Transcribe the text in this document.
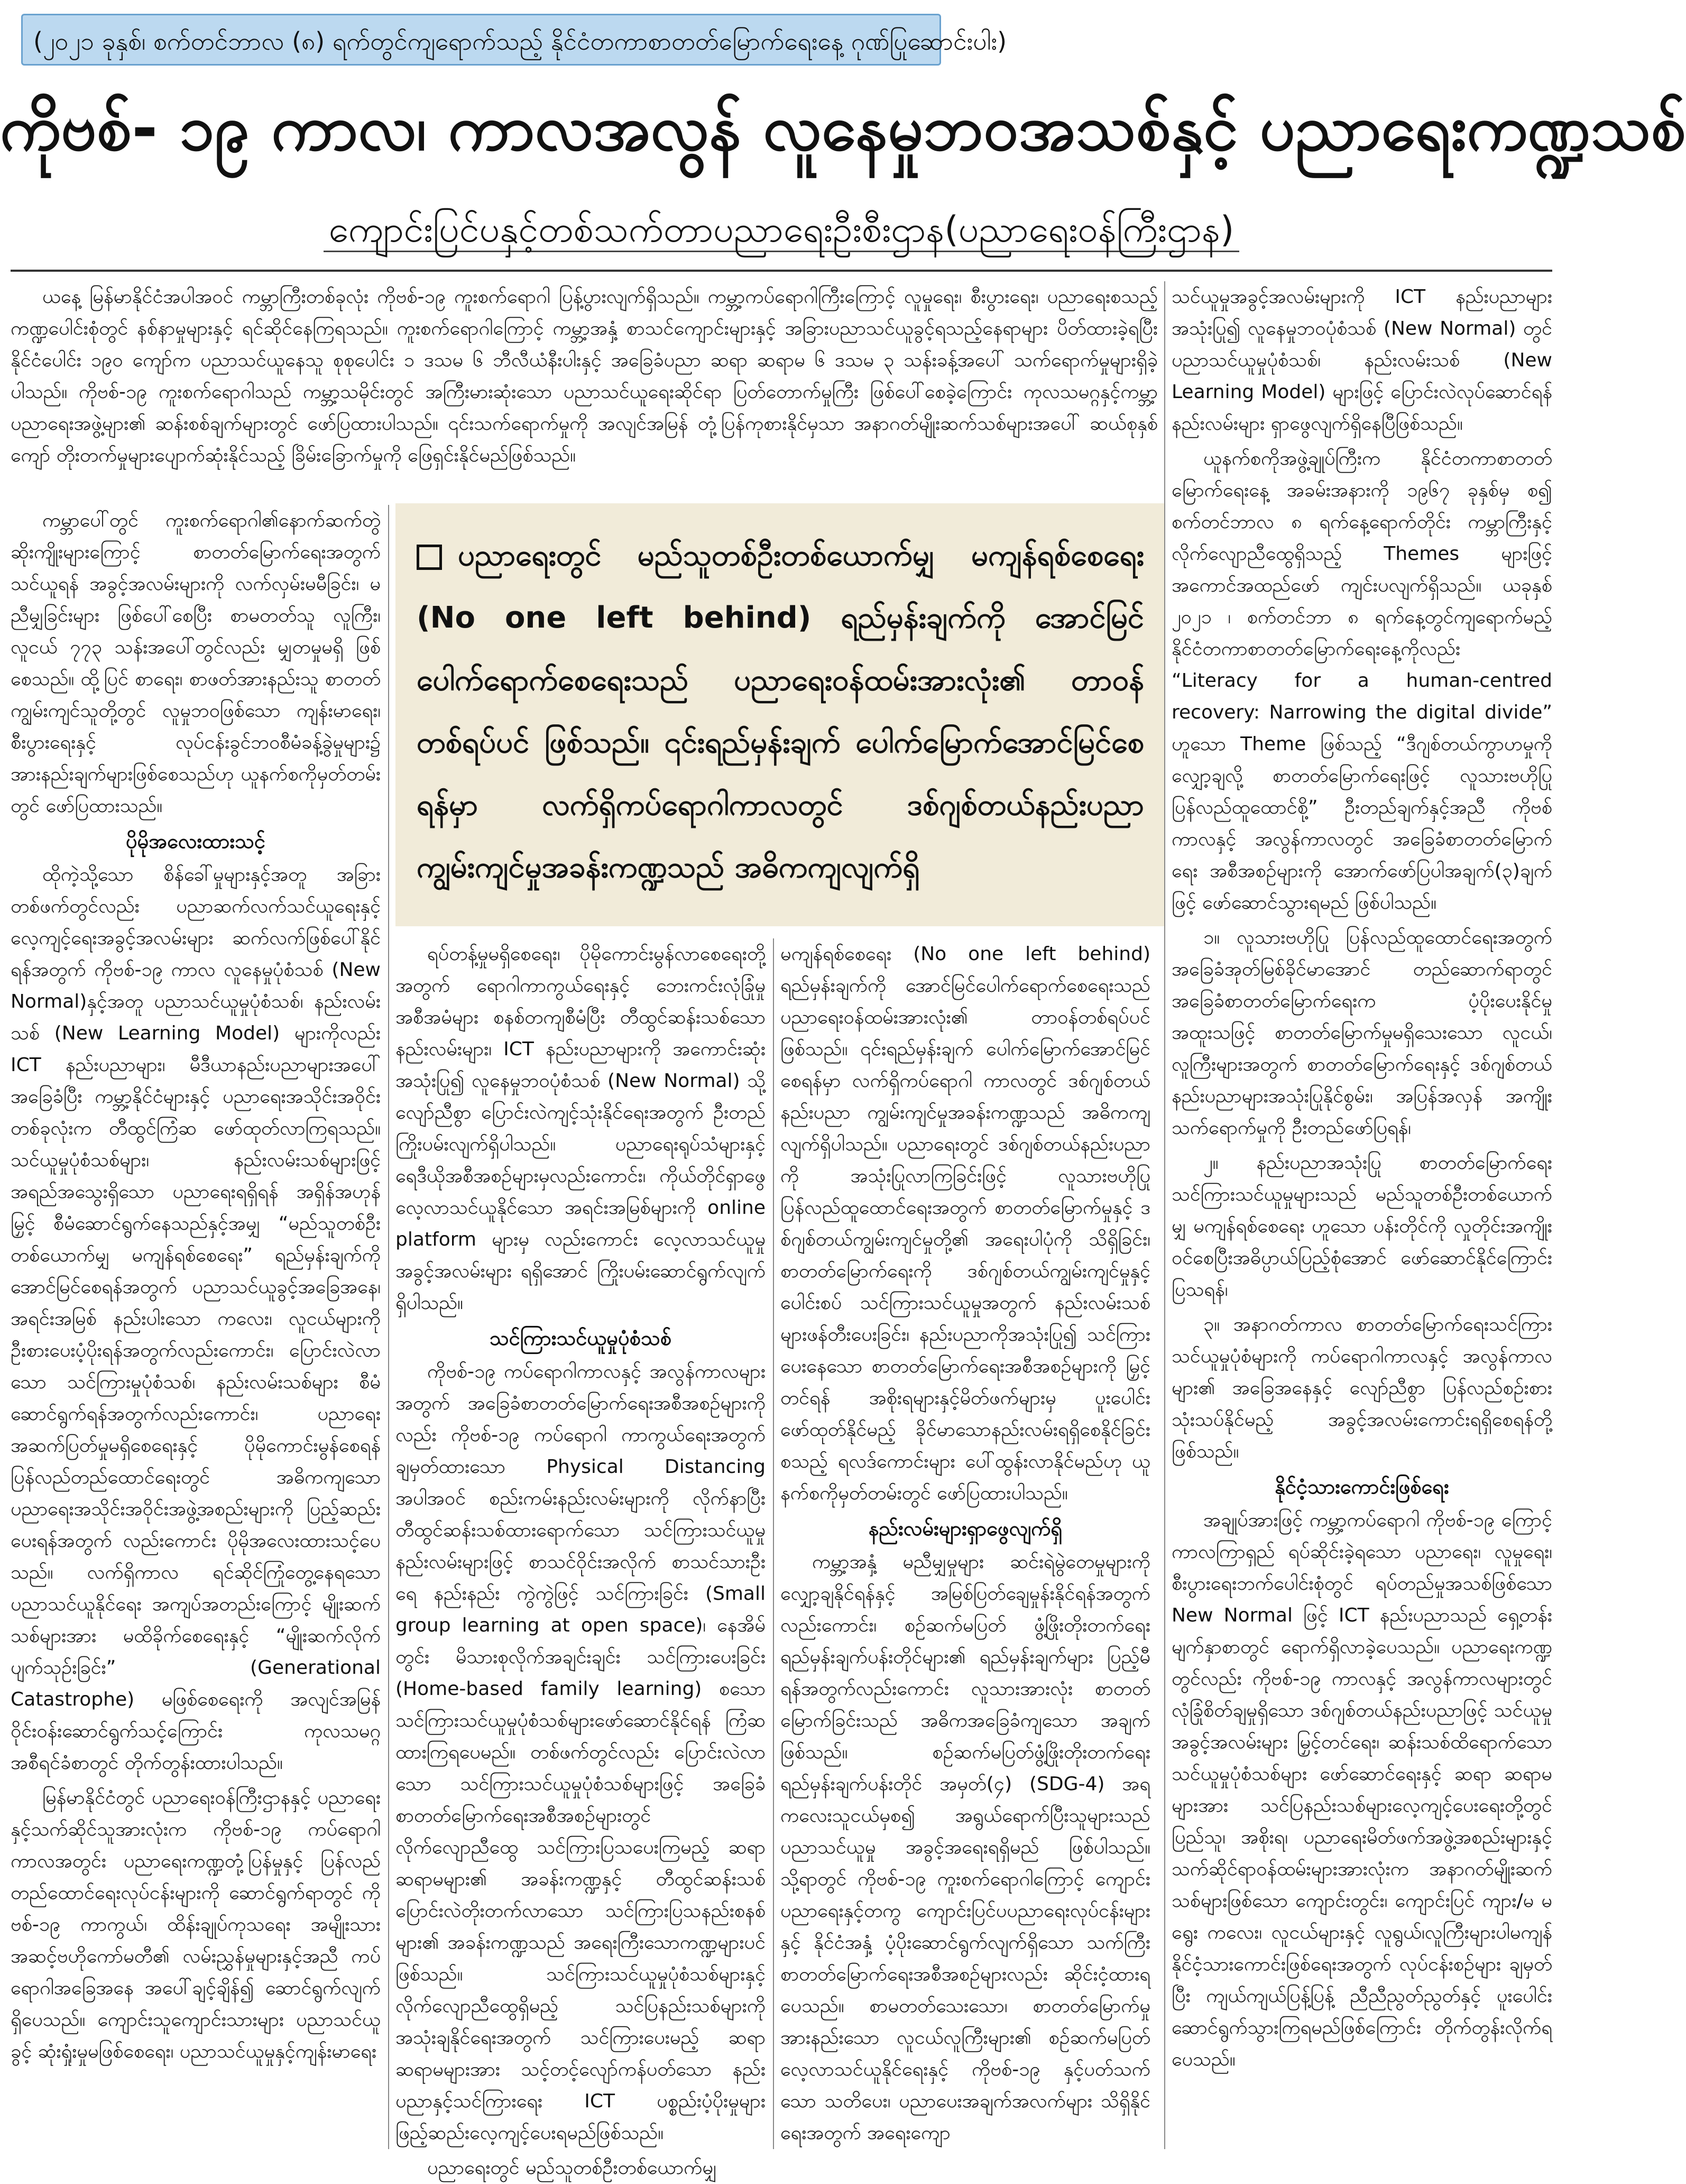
(၂၀၂၁ ခုနှစ်၊ စက်တင်ဘာလ (၈) ရက်တွင်ကျရောက်သည့် နိုင်ငံတကာစာတတ်မြောက်ရေးနေ့ ဂုဏ်ပြုဆောင်းပါး)
ကိုဗစ်- ၁၉ ကာလ၊ ကာလအလွန် လူနေမှုဘဝအသစ်နှင့် ပညာရေးကဏ္ဍသစ်
ကျောင်းပြင်ပနှင့်တစ်သက်တာပညာရေးဦးစီးဌာန(ပညာရေးဝန်ကြီးဌာန)

ယနေ့ မြန်မာနိုင်ငံအပါအဝင် ကမ္ဘာကြီးတစ်ခုလုံး ကိုဗစ်-၁၉ ကူးစက်ရောဂါ ပြန့်ပွားလျက်ရှိသည်။ ကမ္ဘာ့ကပ်ရောဂါကြီးကြောင့် လူမှုရေး၊ စီးပွားရေး၊ ပညာရေးစသည့် ကဏ္ဍပေါင်းစုံတွင် နစ်နာမှုများနှင့် ရင်ဆိုင်နေကြရသည်။ ကူးစက်ရောဂါကြောင့် ကမ္ဘာ့အနှံ့ စာသင်ကျောင်းများနှင့် အခြားပညာသင်ယူခွင့်ရသည့်နေရာများ ပိတ်ထားခဲ့ရပြီး နိုင်ငံပေါင်း ၁၉၀ ကျော်က ပညာသင်ယူနေသူ စုစုပေါင်း ၁ ဒသမ ၆ ဘီလီယံနီးပါးနှင့် အခြေခံပညာ ဆရာ ဆရာမ ၆ ဒသမ ၃ သန်းခန့်အပေါ် သက်ရောက်မှုများရှိခဲ့ပါသည်။ ကိုဗစ်-၁၉ ကူးစက်ရောဂါသည် ကမ္ဘာ့သမိုင်းတွင် အကြီးမားဆုံးသော ပညာသင်ယူရေးဆိုင်ရာ ပြတ်တောက်မှုကြီး ဖြစ်ပေါ်စေခဲ့ကြောင်း ကုလသမဂ္ဂနှင့်ကမ္ဘာ့ပညာရေးအဖွဲ့များ၏ ဆန်းစစ်ချက်များတွင် ဖော်ပြထားပါသည်။ ၎င်းသက်ရောက်မှုကို အလျင်အမြန် တုံ့ပြန်ကုစားနိုင်မှသာ အနာဂတ်မျိုးဆက်သစ်များအပေါ် ဆယ်စုနှစ်ကျော် တိုးတက်မှုများပျောက်ဆုံးနိုင်သည့် ခြိမ်းခြောက်မှုကို ဖြေရှင်းနိုင်မည်ဖြစ်သည်။

ပညာရေးတွင် မည်သူတစ်ဦးတစ်ယောက်မျှ မကျန်ရစ်စေရေး (No one left behind) ရည်မှန်းချက်ကို အောင်မြင်ပေါက်ရောက်စေရေးသည် ပညာရေးဝန်ထမ်းအားလုံး၏ တာဝန်တစ်ရပ်ပင် ဖြစ်သည်။ ၎င်းရည်မှန်းချက် ပေါက်မြောက်အောင်မြင်စေရန်မှာ လက်ရှိကပ်ရောဂါကာလတွင် ဒစ်ဂျစ်တယ်နည်းပညာ ကျွမ်းကျင်မှုအခန်းကဏ္ဍသည် အဓိကကျလျက်ရှိ

ကမ္ဘာပေါ်တွင် ကူးစက်ရောဂါ၏နောက်ဆက်တွဲ ဆိုးကျိုးများကြောင့် စာတတ်မြောက်ရေးအတွက် သင်ယူရန် အခွင့်အလမ်းများကို လက်လှမ်းမမီခြင်း၊ မညီမျှခြင်းများ ဖြစ်ပေါ်စေပြီး စာမတတ်သူ လူကြီး၊ လူငယ် ၇၇၃ သန်းအပေါ်တွင်လည်း မျှတမှုမရှိ ဖြစ်စေသည်။ ထို့ပြင် စာရေး၊ စာဖတ်အားနည်းသူ စာတတ်ကျွမ်းကျင်သူတို့တွင် လူမှုဘဝဖြစ်သော ကျန်းမာရေး၊ စီးပွားရေးနှင့် လုပ်ငန်းခွင်ဘဝစီမံခန့်ခွဲမှုများ၌ အားနည်းချက်များဖြစ်စေသည်ဟု ယူနက်စကိုမှတ်တမ်းတွင် ဖော်ပြထားသည်။

ပိုမိုအလေးထားသင့်

ထိုကဲ့သို့သော စိန်ခေါ်မှုများနှင့်အတူ အခြားတစ်ဖက်တွင်လည်း ပညာဆက်လက်သင်ယူရေးနှင့် လေ့ကျင့်ရေးအခွင့်အလမ်းများ ဆက်လက်ဖြစ်ပေါ်နိုင်ရန်အတွက် ကိုဗစ်-၁၉ ကာလ လူနေမှုပုံစံသစ် (New Normal)နှင့်အတူ ပညာသင်ယူမှုပုံစံသစ်၊ နည်းလမ်းသစ် (New Learning Model) များကိုလည်း ICT နည်းပညာများ၊ မီဒီယာနည်းပညာများအပေါ် အခြေခံပြီး ကမ္ဘာ့နိုင်ငံများနှင့် ပညာရေးအသိုင်းအဝိုင်းတစ်ခုလုံးက တီထွင်ကြံဆ ဖော်ထုတ်လာကြရသည်။ သင်ယူမှုပုံစံသစ်များ၊ နည်းလမ်းသစ်များဖြင့် အရည်အသွေးရှိသော ပညာရေးရရှိရန် အရှိန်အဟုန်မြှင့် စီမံဆောင်ရွက်နေသည်နှင့်အမျှ “မည်သူတစ်ဦးတစ်ယောက်မျှ မကျန်ရစ်စေရေး” ရည်မှန်းချက်ကို အောင်မြင်စေရန်အတွက် ပညာသင်ယူခွင့်အခြေအနေ၊ အရင်းအမြစ် နည်းပါးသော ကလေး၊ လူငယ်များကို ဦးစားပေးပံ့ပိုးရန်အတွက်လည်းကောင်း၊ ပြောင်းလဲလာသော သင်ကြားမှုပုံစံသစ်၊ နည်းလမ်းသစ်များ စီမံဆောင်ရွက်ရန်အတွက်လည်းကောင်း၊ ပညာရေး အဆက်ပြတ်မှုမရှိစေရေးနှင့် ပိုမိုကောင်းမွန်စေရန် ပြန်လည်တည်ထောင်ရေးတွင် အဓိကကျသော ပညာရေးအသိုင်းအဝိုင်းအဖွဲ့အစည်းများကို ပြည့်ဆည်းပေးရန်အတွက် လည်းကောင်း ပိုမိုအလေးထားသင့်ပေသည်။ လက်ရှိကာလ ရင်ဆိုင်ကြုံတွေ့နေရသော ပညာသင်ယူနိုင်ရေး အကျပ်အတည်းကြောင့် မျိုးဆက်သစ်များအား မထိခိုက်စေရေးနှင့် “မျိုးဆက်လိုက်ပျက်သုဉ်းခြင်း” (Generational Catastrophe) မဖြစ်စေရေးကို အလျင်အမြန် ဝိုင်းဝန်းဆောင်ရွက်သင့်ကြောင်း ကုလသမဂ္ဂအစီရင်ခံစာတွင် တိုက်တွန်းထားပါသည်။

မြန်မာနိုင်ငံတွင် ပညာရေးဝန်ကြီးဌာနနှင့် ပညာရေးနှင့်သက်ဆိုင်သူအားလုံးက ကိုဗစ်-၁၉ ကပ်ရောဂါကာလအတွင်း ပညာရေးကဏ္ဍတုံ့ပြန်မှုနှင့် ပြန်လည်တည်ထောင်ရေးလုပ်ငန်းများကို ဆောင်ရွက်ရာတွင် ကိုဗစ်-၁၉ ကာကွယ်၊ ထိန်းချုပ်ကုသရေး အမျိုးသားအဆင့်ဗဟိုကော်မတီ၏ လမ်းညွှန်မှုများနှင့်အညီ ကပ်ရောဂါအခြေအနေ အပေါ်ချင့်ချိန်၍ ဆောင်ရွက်လျက်ရှိပေသည်။ ကျောင်းသူကျောင်းသားများ ပညာသင်ယူခွင့် ဆုံးရှုံးမှုမဖြစ်စေရေး၊ ပညာသင်ယူမှုနှင့်ကျန်းမာရေး

ရပ်တန့်မှုမရှိစေရေး၊ ပိုမိုကောင်းမွန်လာစေရေးတို့အတွက် ရောဂါကာကွယ်ရေးနှင့် ဘေးကင်းလုံခြုံမှု အစီအမံများ စနစ်တကျစီမံပြီး တီထွင်ဆန်းသစ်သော နည်းလမ်းများ၊ ICT နည်းပညာများကို အကောင်းဆုံးအသုံးပြု၍ လူနေမှုဘဝပုံစံသစ် (New Normal) သို့ လျော်ညီစွာ ပြောင်းလဲကျင့်သုံးနိုင်ရေးအတွက် ဦးတည်ကြိုးပမ်းလျက်ရှိပါသည်။ ပညာရေးရုပ်သံများနှင့် ရေဒီယိုအစီအစဉ်များမှလည်းကောင်း၊ ကိုယ်တိုင်ရှာဖွေလေ့လာသင်ယူနိုင်သော အရင်းအမြစ်များကို online platform များမှ လည်းကောင်း လေ့လာသင်ယူမှုအခွင့်အလမ်းများ ရရှိအောင် ကြိုးပမ်းဆောင်ရွက်လျက်ရှိပါသည်။

သင်ကြားသင်ယူမှုပုံစံသစ်

ကိုဗစ်-၁၉ ကပ်ရောဂါကာလနှင့် အလွန်ကာလများအတွက် အခြေခံစာတတ်မြောက်ရေးအစီအစဉ်များကိုလည်း ကိုဗစ်-၁၉ ကပ်ရောဂါ ကာကွယ်ရေးအတွက် ချမှတ်ထားသော Physical Distancing အပါအဝင် စည်းကမ်းနည်းလမ်းများကို လိုက်နာပြီး တီထွင်ဆန်းသစ်ထားရောက်သော သင်ကြားသင်ယူမှုနည်းလမ်းများဖြင့် စာသင်ဝိုင်းအလိုက် စာသင်သားဦးရေ နည်းနည်း ကွဲကွဲဖြင့် သင်ကြားခြင်း (Small group learning at open space)၊ နေအိမ်တွင်း မိသားစုလိုက်အချင်းချင်း သင်ကြားပေးခြင်း (Home-based family learning) စသော သင်ကြားသင်ယူမှုပုံစံသစ်များဖော်ဆောင်နိုင်ရန် ကြံဆထားကြရပေမည်။ တစ်ဖက်တွင်လည်း ပြောင်းလဲလာသော သင်ကြားသင်ယူမှုပုံစံသစ်များဖြင့် အခြေခံစာတတ်မြောက်ရေးအစီအစဉ်များတွင် လိုက်လျောညီထွေ သင်ကြားပြသပေးကြမည့် ဆရာ ဆရာမများ၏ အခန်းကဏ္ဍနှင့် တီထွင်ဆန်းသစ် ပြောင်းလဲတိုးတက်လာသော သင်ကြားပြသနည်းစနစ်များ၏ အခန်းကဏ္ဍသည် အရေးကြီးသောကဏ္ဍများပင်ဖြစ်သည်။ သင်ကြားသင်ယူမှုပုံစံသစ်များနှင့် လိုက်လျောညီထွေရှိမည့် သင်ပြနည်းသစ်များကို အသုံးချနိုင်ရေးအတွက် သင်ကြားပေးမည့် ဆရာ ဆရာမများအား သင့်တင့်လျော်ကန်ပတ်သော နည်းပညာနှင့်သင်ကြားရေး ICT ပစ္စည်းပံ့ပိုးမှုများ ဖြည့်ဆည်းလေ့ကျင့်ပေးရမည်ဖြစ်သည်။

ပညာရေးတွင် မည်သူတစ်ဦးတစ်ယောက်မျှ

မကျန်ရစ်စေရေး (No one left behind) ရည်မှန်းချက်ကို အောင်မြင်ပေါက်ရောက်စေရေးသည် ပညာရေးဝန်ထမ်းအားလုံး၏ တာဝန်တစ်ရပ်ပင်ဖြစ်သည်။ ၎င်းရည်မှန်းချက် ပေါက်မြောက်အောင်မြင်စေရန်မှာ လက်ရှိကပ်ရောဂါ ကာလတွင် ဒစ်ဂျစ်တယ်နည်းပညာ ကျွမ်းကျင်မှုအခန်းကဏ္ဍသည် အဓိကကျလျက်ရှိပါသည်။ ပညာရေးတွင် ဒစ်ဂျစ်တယ်နည်းပညာကို အသုံးပြုလာကြခြင်းဖြင့် လူသားဗဟိုပြု ပြန်လည်ထူထောင်ရေးအတွက် စာတတ်မြောက်မှုနှင့် ဒစ်ဂျစ်တယ်ကျွမ်းကျင်မှုတို့၏ အရေးပါပုံကို သိရှိခြင်း၊ စာတတ်မြောက်ရေးကို ဒစ်ဂျစ်တယ်ကျွမ်းကျင်မှုနှင့် ပေါင်းစပ် သင်ကြားသင်ယူမှုအတွက် နည်းလမ်းသစ်များဖန်တီးပေးခြင်း၊ နည်းပညာကိုအသုံးပြု၍ သင်ကြားပေးနေသော စာတတ်မြောက်ရေးအစီအစဉ်များကို မြှင့်တင်ရန် အစိုးရများနှင့်မိတ်ဖက်များမှ ပူးပေါင်းဖော်ထုတ်နိုင်မည့် ခိုင်မာသောနည်းလမ်းရရှိစေနိုင်ခြင်း စသည့် ရလဒ်ကောင်းများ ပေါ်ထွန်းလာနိုင်မည်ဟု ယူနက်စကိုမှတ်တမ်းတွင် ဖော်ပြထားပါသည်။

နည်းလမ်းများရှာဖွေလျက်ရှိ

ကမ္ဘာ့အနှံ့ မညီမျှမှုများ ဆင်းရဲမွဲတေမှုများကို လျှော့ချနိုင်ရန်နှင့် အမြစ်ပြတ်ချေမှုန်းနိုင်ရန်အတွက် လည်းကောင်း၊ စဉ်ဆက်မပြတ် ဖွံ့ဖြိုးတိုးတက်ရေး ရည်မှန်းချက်ပန်းတိုင်များ၏ ရည်မှန်းချက်များ ပြည့်မီရန်အတွက်လည်းကောင်း လူသားအားလုံး စာတတ်မြောက်ခြင်းသည် အဓိကအခြေခံကျသော အချက်ဖြစ်သည်။ စဉ်ဆက်မပြတ်ဖွံ့ဖြိုးတိုးတက်ရေး ရည်မှန်းချက်ပန်းတိုင် အမှတ်(၄) (SDG-4) အရ ကလေးသူငယ်မှစ၍ အရွယ်ရောက်ပြီးသူများသည် ပညာသင်ယူမှု အခွင့်အရေးရရှိမည် ဖြစ်ပါသည်။ သို့ရာတွင် ကိုဗစ်-၁၉ ကူးစက်ရောဂါကြောင့် ကျောင်းပညာရေးနှင့်တကွ ကျောင်းပြင်ပပညာရေးလုပ်ငန်းများနှင့် နိုင်ငံအနှံ့ ပံ့ပိုးဆောင်ရွက်လျက်ရှိသော သက်ကြီးစာတတ်မြောက်ရေးအစီအစဉ်များလည်း ဆိုင်းငံ့ထားရပေသည်။ စာမတတ်သေးသော၊ စာတတ်မြောက်မှုအားနည်းသော လူငယ်လူကြီးများ၏ စဉ်ဆက်မပြတ်လေ့လာသင်ယူနိုင်ရေးနှင့် ကိုဗစ်-၁၉ နှင့်ပတ်သက်သော သတိပေး၊ ပညာပေးအချက်အလက်များ သိရှိနိုင်ရေးအတွက် အရေးကျော

သင်ယူမှုအခွင့်အလမ်းများကို ICT နည်းပညာများ အသုံးပြု၍ လူနေမှုဘဝပုံစံသစ် (New Normal) တွင် ပညာသင်ယူမှုပုံစံသစ်၊ နည်းလမ်းသစ် (New Learning Model) များဖြင့် ပြောင်းလဲလုပ်ဆောင်ရန် နည်းလမ်းများ ရှာဖွေလျက်ရှိနေပြီဖြစ်သည်။

ယူနက်စကိုအဖွဲ့ချုပ်ကြီးက နိုင်ငံတကာစာတတ်မြောက်ရေးနေ့ အခမ်းအနားကို ၁၉၆၇ ခုနှစ်မှ စ၍ စက်တင်ဘာလ ၈ ရက်နေ့ရောက်တိုင်း ကမ္ဘာကြီးနှင့်လိုက်လျောညီထွေရှိသည့် Themes များဖြင့် အကောင်အထည်ဖော် ကျင်းပလျက်ရှိသည်။ ယခုနှစ် ၂၀၂၁ ၊ စက်တင်ဘာ ၈ ရက်နေ့တွင်ကျရောက်မည့် နိုင်ငံတကာစာတတ်မြောက်ရေးနေ့ကိုလည်း “Literacy for a human-centred recovery: Narrowing the digital divide” ဟူသော Theme ဖြစ်သည့် “ဒီဂျစ်တယ်ကွာဟမှုကိုလျှော့ချလို့ စာတတ်မြောက်ရေးဖြင့် လူသားဗဟိုပြုပြန်လည်ထူထောင်စို့” ဦးတည်ချက်နှင့်အညီ ကိုဗစ်ကာလနှင့် အလွန်ကာလတွင် အခြေခံစာတတ်မြောက်ရေး အစီအစဉ်များကို အောက်ဖော်ပြပါအချက်(၃)ချက်ဖြင့် ဖော်ဆောင်သွားရမည် ဖြစ်ပါသည်။

၁။ လူသားဗဟိုပြု ပြန်လည်ထူထောင်ရေးအတွက် အခြေခံအုတ်မြစ်ခိုင်မာအောင် တည်ဆောက်ရာတွင် အခြေခံစာတတ်မြောက်ရေးက ပံ့ပိုးပေးနိုင်မှု အထူးသဖြင့် စာတတ်မြောက်မှုမရှိသေးသော လူငယ်၊ လူကြီးများအတွက် စာတတ်မြောက်ရေးနှင့် ဒစ်ဂျစ်တယ်နည်းပညာများအသုံးပြုနိုင်စွမ်း၊ အပြန်အလှန် အကျိုးသက်ရောက်မှုကို ဦးတည်ဖော်ပြရန်၊

၂။ နည်းပညာအသုံးပြု စာတတ်မြောက်ရေး သင်ကြားသင်ယူမှုများသည် မည်သူတစ်ဦးတစ်ယောက်မျှ မကျန်ရစ်စေရေး ဟူသော ပန်းတိုင်ကို လှုတိုင်းအကျိုးဝင်စေပြီးအဓိပ္ပာယ်ပြည့်စုံအောင် ဖော်ဆောင်နိုင်ကြောင်း ပြသရန်၊

၃။ အနာဂတ်ကာလ စာတတ်မြောက်ရေးသင်ကြားသင်ယူမှုပုံစံများကို ကပ်ရောဂါကာလနှင့် အလွန်ကာလများ၏ အခြေအနေနှင့် လျော်ညီစွာ ပြန်လည်စဉ်းစားသုံးသပ်နိုင်မည့် အခွင့်အလမ်းကောင်းရရှိစေရန်တို့ဖြစ်သည်။

နိုင်ငံ့သားကောင်းဖြစ်ရေး

အချုပ်အားဖြင့် ကမ္ဘာ့ကပ်ရောဂါ ကိုဗစ်-၁၉ ကြောင့် ကာလကြာရှည် ရပ်ဆိုင်းခဲ့ရသော ပညာရေး၊ လူမှုရေး၊ စီးပွားရေးဘက်ပေါင်းစုံတွင် ရပ်တည်မှုအသစ်ဖြစ်သော New Normal ဖြင့် ICT နည်းပညာသည် ရှေ့တန်းမျက်နှာစာတွင် ရောက်ရှိလာခဲ့ပေသည်။ ပညာရေးကဏ္ဍတွင်လည်း ကိုဗစ်-၁၉ ကာလနှင့် အလွန်ကာလများတွင် လုံခြုံစိတ်ချမှုရှိသော ဒစ်ဂျစ်တယ်နည်းပညာဖြင့် သင်ယူမှုအခွင့်အလမ်းများ မြှင့်တင်ရေး၊ ဆန်းသစ်ထိရောက်သော သင်ယူမှုပုံစံသစ်များ ဖော်ဆောင်ရေးနှင့် ဆရာ ဆရာမများအား သင်ပြနည်းသစ်များလေ့ကျင့်ပေးရေးတို့တွင် ပြည်သူ၊ အစိုးရ၊ ပညာရေးမိတ်ဖက်အဖွဲ့အစည်းများနှင့် သက်ဆိုင်ရာဝန်ထမ်းများအားလုံးက အနာဂတ်မျိုးဆက်သစ်များဖြစ်သော ကျောင်းတွင်း၊ ကျောင်းပြင် ကျား/မ မရွေး ကလေး၊ လူငယ်များနှင့် လူရွယ်၊လူကြီးများပါမကျန် နိုင်ငံ့သားကောင်းဖြစ်ရေးအတွက် လုပ်ငန်းစဉ်များ ချမှတ်ပြီး ကျယ်ကျယ်ပြန့်ပြန့် ညီညီညွတ်ညွတ်နှင့် ပူးပေါင်းဆောင်ရွက်သွားကြရမည်ဖြစ်ကြောင်း တိုက်တွန်းလိုက်ရပေသည်။
